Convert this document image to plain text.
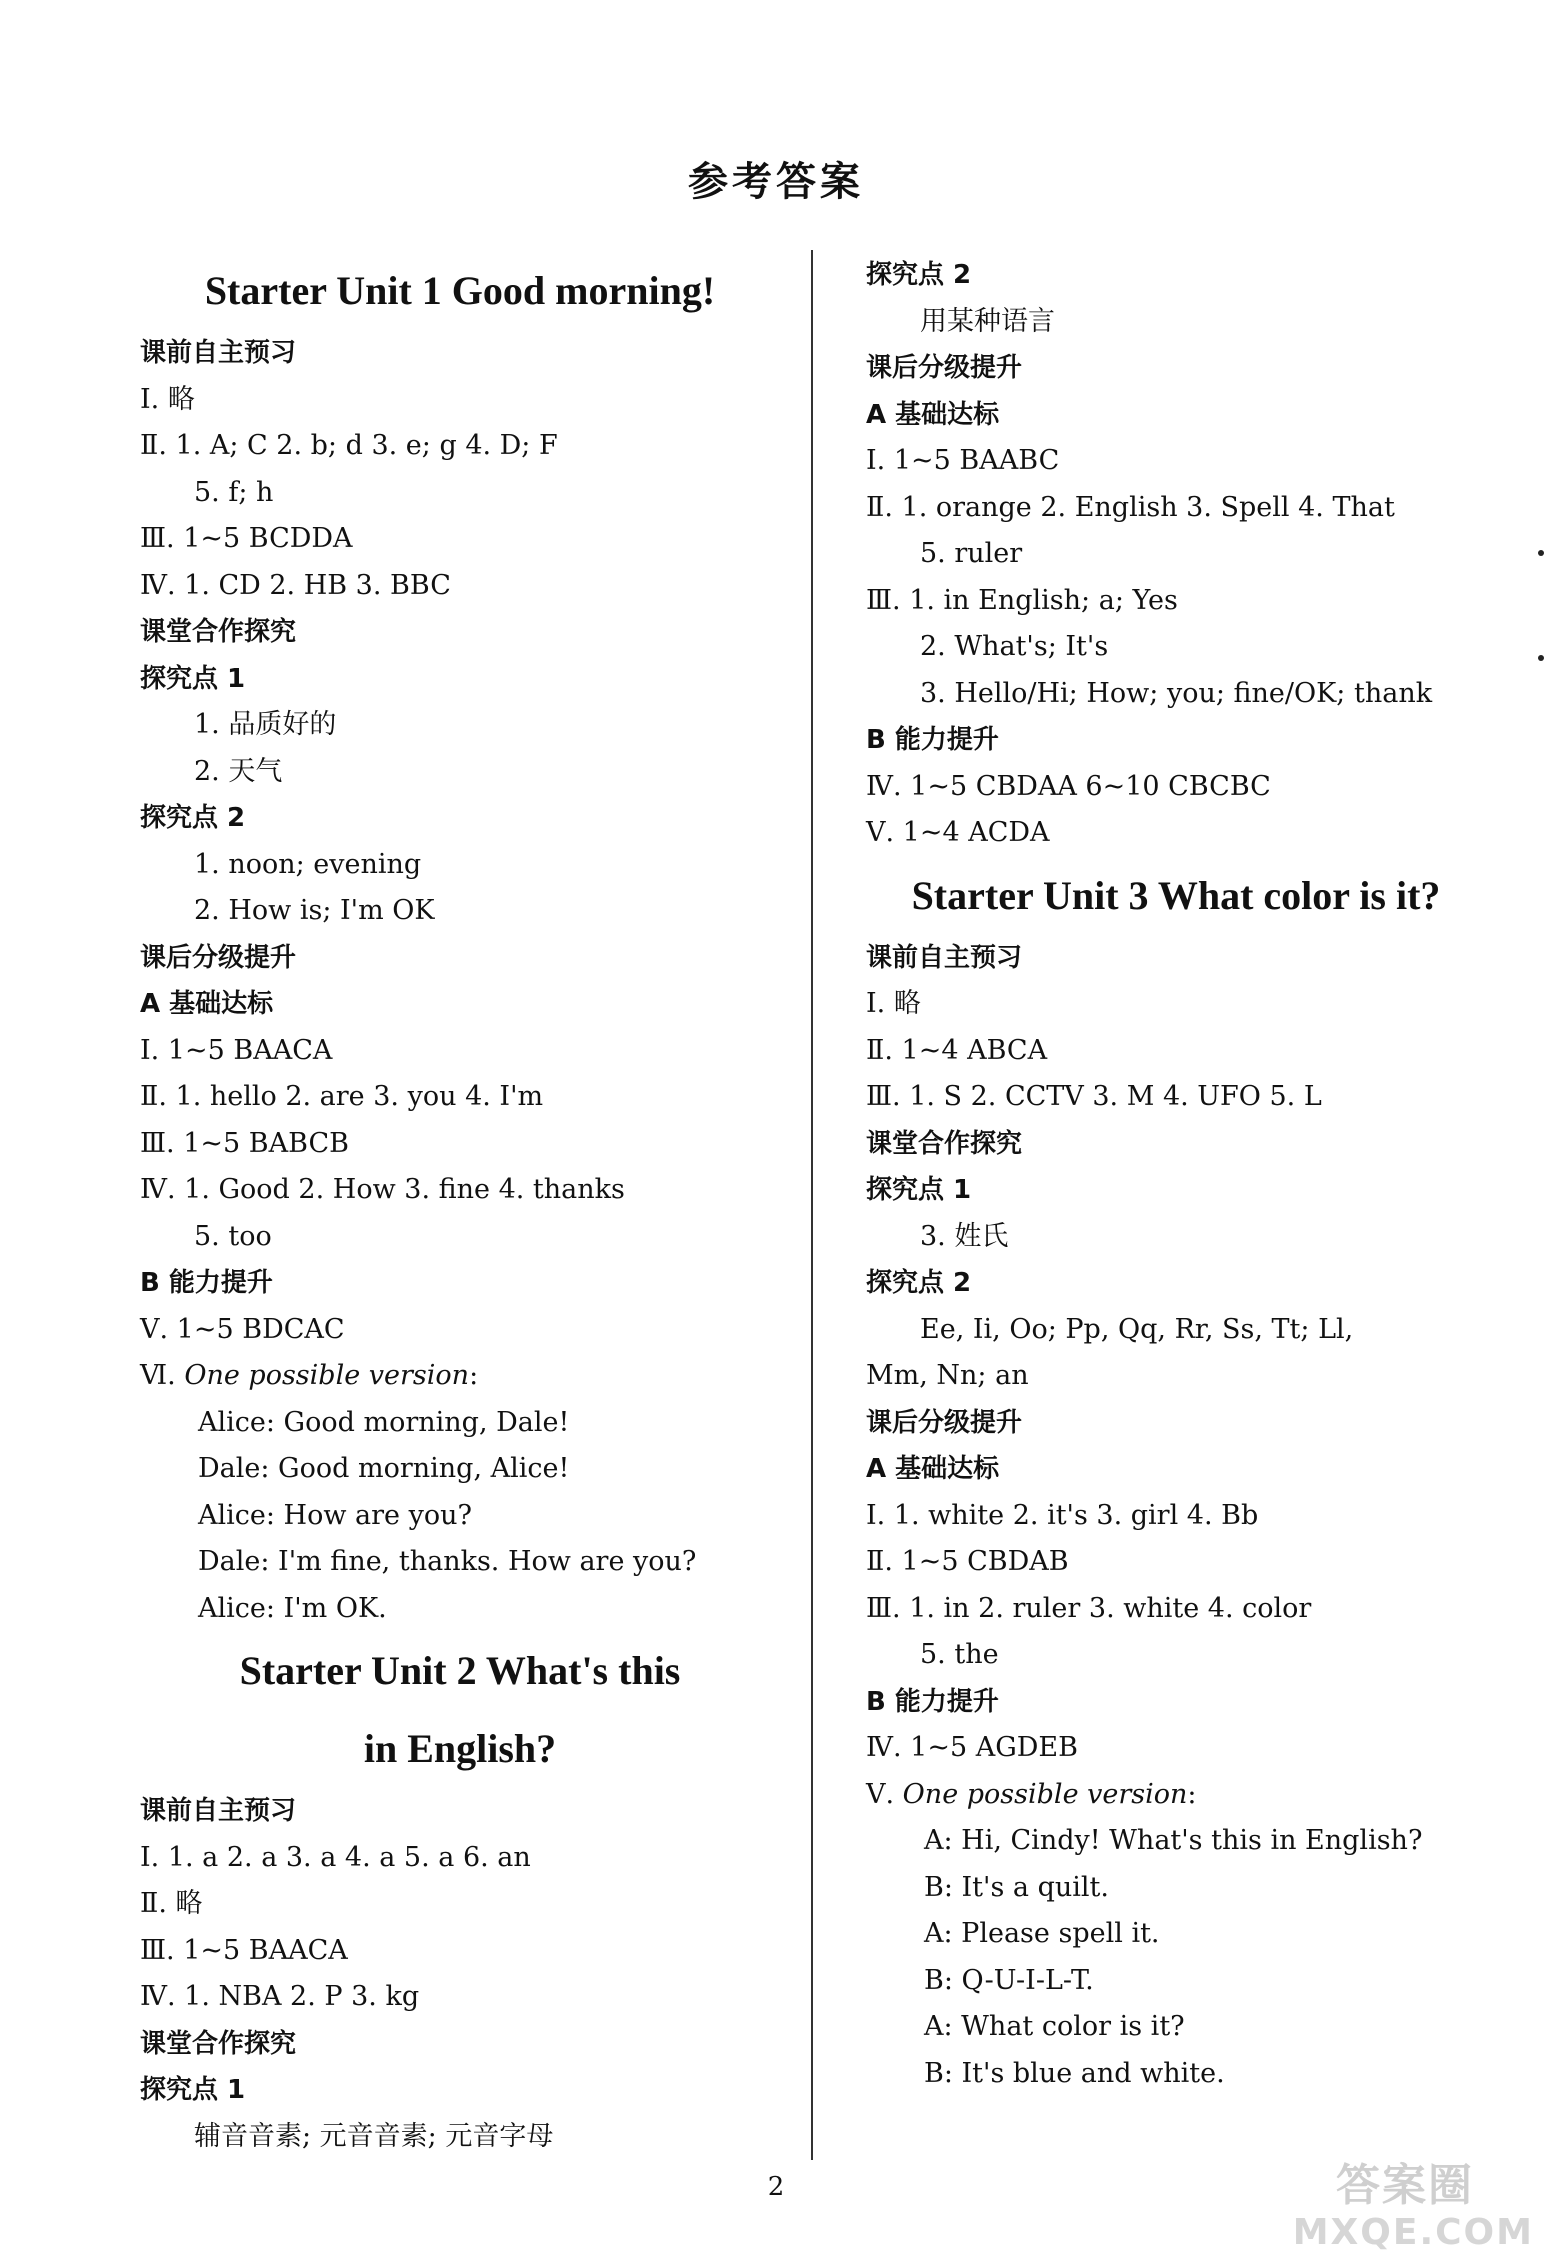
参考答案
Starter Unit 1 Good morning!
课前自主预习
Ⅰ. 略
Ⅱ. 1. A; C 2. b; d 3. e; g 4. D; F
5. f; h
Ⅲ. 1~5 BCDDA
Ⅳ. 1. CD 2. HB 3. BBC
课堂合作探究
探究点 1
1. 品质好的
2. 天气
探究点 2
1. noon; evening
2. How is; I'm OK
课后分级提升
A 基础达标
Ⅰ. 1~5 BAACA
Ⅱ. 1. hello 2. are 3. you 4. I'm
Ⅲ. 1~5 BABCB
Ⅳ. 1. Good 2. How 3. fine 4. thanks
5. too
B 能力提升
Ⅴ. 1~5 BDCAC
Ⅵ. One possible version:
Alice: Good morning, Dale!
Dale: Good morning, Alice!
Alice: How are you?
Dale: I'm fine, thanks. How are you?
Alice: I'm OK.
Starter Unit 2 What's this
in English?
课前自主预习
Ⅰ. 1. a 2. a 3. a 4. a 5. a 6. an
Ⅱ. 略
Ⅲ. 1~5 BAACA
Ⅳ. 1. NBA 2. P 3. kg
课堂合作探究
探究点 1
辅音音素; 元音音素; 元音字母
探究点 2
用某种语言
课后分级提升
A 基础达标
Ⅰ. 1~5 BAABC
Ⅱ. 1. orange 2. English 3. Spell 4. That
5. ruler
Ⅲ. 1. in English; a; Yes
2. What's; It's
3. Hello/Hi; How; you; fine/OK; thank
B 能力提升
Ⅳ. 1~5 CBDAA 6~10 CBCBC
Ⅴ. 1~4 ACDA
Starter Unit 3 What color is it?
课前自主预习
Ⅰ. 略
Ⅱ. 1~4 ABCA
Ⅲ. 1. S 2. CCTV 3. M 4. UFO 5. L
课堂合作探究
探究点 1
3. 姓氏
探究点 2
Ee, Ii, Oo; Pp, Qq, Rr, Ss, Tt; Ll,
Mm, Nn; an
课后分级提升
A 基础达标
Ⅰ. 1. white 2. it's 3. girl 4. Bb
Ⅱ. 1~5 CBDAB
Ⅲ. 1. in 2. ruler 3. white 4. color
5. the
B 能力提升
Ⅳ. 1~5 AGDEB
Ⅴ. One possible version:
A: Hi, Cindy! What's this in English?
B: It's a quilt.
A: Please spell it.
B: Q-U-I-L-T.
A: What color is it?
B: It's blue and white.
2	答案圈
MXQE.COM
